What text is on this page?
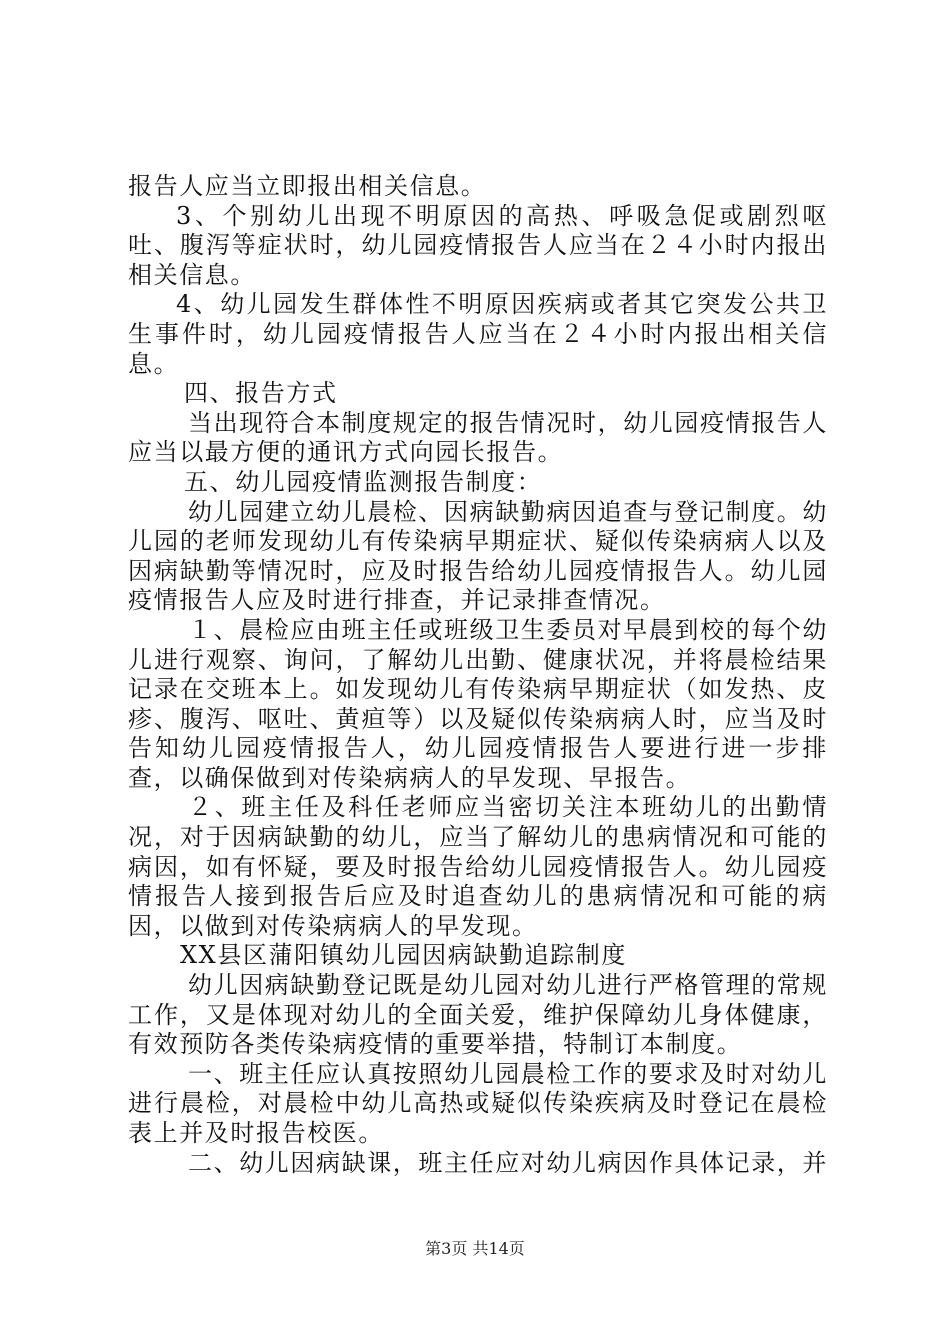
报告人应当立即报出相关信息。

3、个别幼儿出现不明原因的高热、呼吸急促或剧烈呕吐、腹泻等症状时，幼儿园疫情报告人应当在２４小时内报出相关信息。

4、幼儿园发生群体性不明原因疾病或者其它突发公共卫生事件时，幼儿园疫情报告人应当在２４小时内报出相关信息。

四、报告方式

当出现符合本制度规定的报告情况时，幼儿园疫情报告人应当以最方便的通讯方式向园长报告。

五、幼儿园疫情监测报告制度：

幼儿园建立幼儿晨检、因病缺勤病因追查与登记制度。幼儿园的老师发现幼儿有传染病早期症状、疑似传染病病人以及因病缺勤等情况时，应及时报告给幼儿园疫情报告人。幼儿园疫情报告人应及时进行排查，并记录排查情况。

１、晨检应由班主任或班级卫生委员对早晨到校的每个幼儿进行观察、询问，了解幼儿出勤、健康状况，并将晨检结果记录在交班本上。如发现幼儿有传染病早期症状（如发热、皮疹、腹泻、呕吐、黄疸等）以及疑似传染病病人时，应当及时告知幼儿园疫情报告人，幼儿园疫情报告人要进行进一步排查，以确保做到对传染病病人的早发现、早报告。

２、班主任及科任老师应当密切关注本班幼儿的出勤情况，对于因病缺勤的幼儿，应当了解幼儿的患病情况和可能的病因，如有怀疑，要及时报告给幼儿园疫情报告人。幼儿园疫情报告人接到报告后应及时追查幼儿的患病情况和可能的病因，以做到对传染病病人的早发现。

XX县区蒲阳镇幼儿园因病缺勤追踪制度

幼儿因病缺勤登记既是幼儿园对幼儿进行严格管理的常规工作，又是体现对幼儿的全面关爱，维护保障幼儿身体健康，有效预防各类传染病疫情的重要举措，特制订本制度。

一、班主任应认真按照幼儿园晨检工作的要求及时对幼儿进行晨检，对晨检中幼儿高热或疑似传染疾病及时登记在晨检表上并及时报告校医。

二、幼儿因病缺课，班主任应对幼儿病因作具体记录，并

第3页 共14页
